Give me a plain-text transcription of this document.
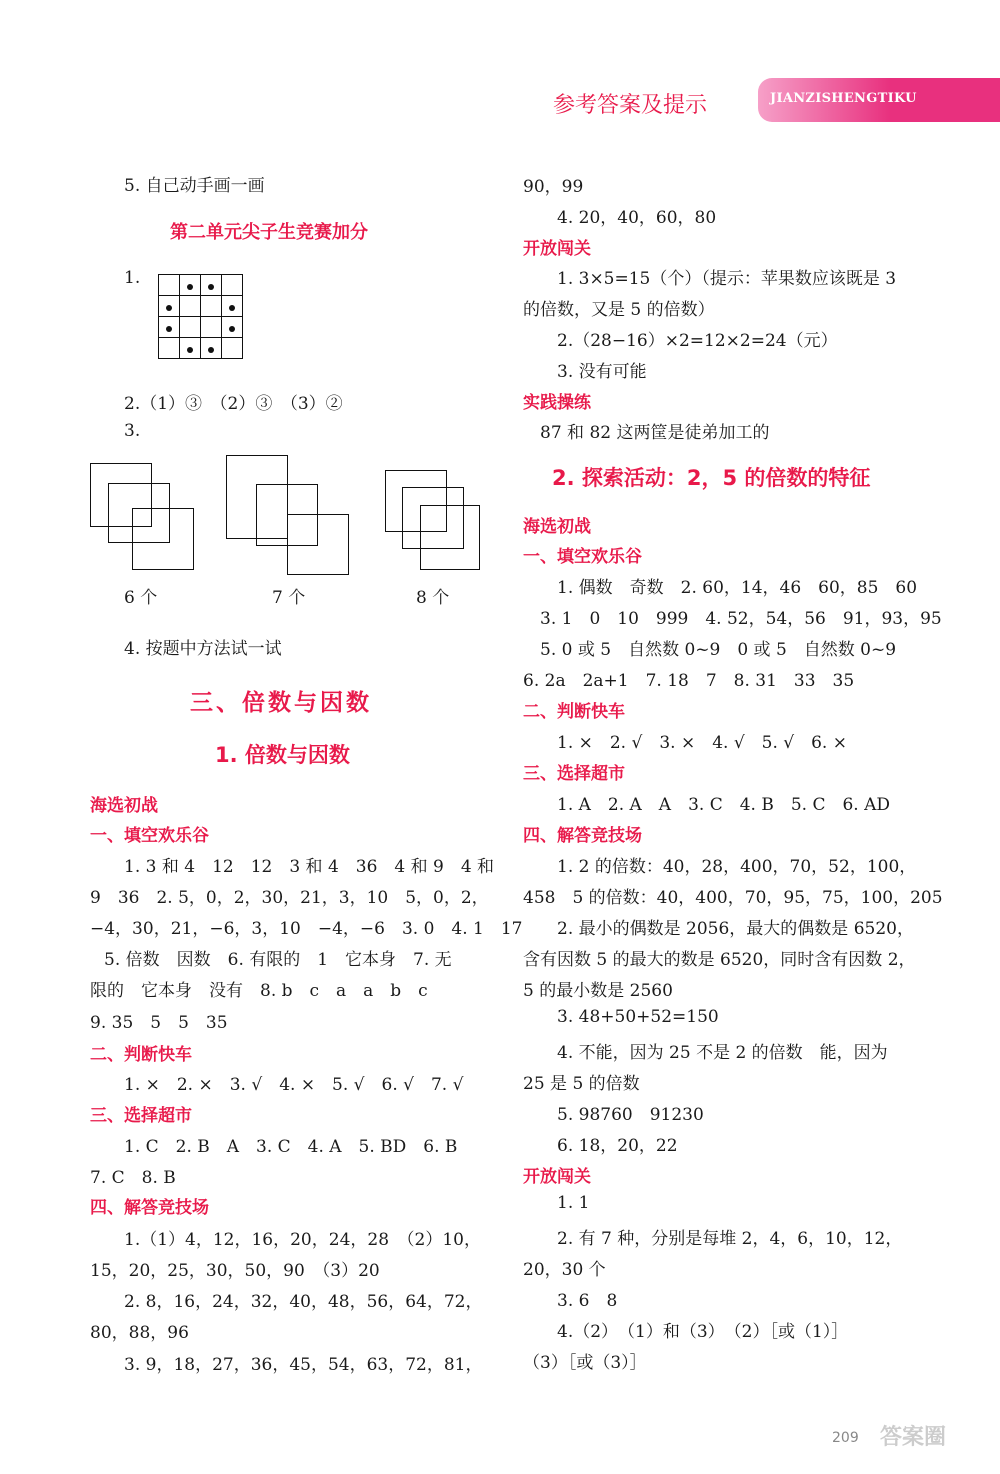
参考答案及提示	JIANZISHENGTIKU
5. 自己动手画一画
第二单元尖子生竞赛加分
1.

2.（1）③　（2）③　（3）②
3.
6 个	7 个	8 个
4. 按题中方法试一试
三、倍数与因数
1. 倍数与因数
海选初战
一、填空欢乐谷
1. 3 和 4　12　12　3 和 4　36　4 和 9　4 和
9　36　2. 5，0，2，30，21，3，10　5，0，2，
−4，30，21，−6，3，10　−4，−6　3. 0　4. 1　17
5. 倍数　因数　6. 有限的　1　它本身　7. 无
限的　它本身　没有　8. b　c　a　a　b　c
9. 35　5　5　35
二、判断快车
1. ×　2. ×　3. √　4. ×　5. √　6. √　7. √
三、选择超市
1. C　2. B　A　3. C　4. A　5. BD　6. B
7. C　8. B
四、解答竞技场
1.（1）4，12，16，20，24，28　（2）10，
15，20，25，30，50，90　（3）20
2. 8，16，24，32，40，48，56，64，72，
80，88，96
3. 9，18，27，36，45，54，63，72，81，
90，99
4. 20，40，60，80
开放闯关
1. 3×5=15（个）（提示：苹果数应该既是 3
的倍数，又是 5 的倍数）
2.（28−16）×2=12×2=24（元）
3. 没有可能
实践操练
87 和 82 这两筐是徒弟加工的
2. 探索活动：2，5 的倍数的特征
海选初战
一、填空欢乐谷
1. 偶数　奇数　2. 60，14，46　60，85　60
3. 1　0　10　999　4. 52，54，56　91，93，95
5. 0 或 5　自然数 0~9　0 或 5　自然数 0~9
6. 2a　2a+1　7. 18　7　8. 31　33　35
二、判断快车
1. ×　2. √　3. ×　4. √　5. √　6. ×
三、选择超市
1. A　2. A　A　3. C　4. B　5. C　6. AD
四、解答竞技场
1. 2 的倍数：40，28，400，70，52，100，
458　5 的倍数：40，400，70，95，75，100，205
2. 最小的偶数是 2056，最大的偶数是 6520，
含有因数 5 的最大的数是 6520，同时含有因数 2，
5 的最小数是 2560
3. 48+50+52=150
4. 不能，因为 25 不是 2 的倍数　能，因为
25 是 5 的倍数
5. 98760　91230
6. 18，20，22
开放闯关
1. 1
2. 有 7 种，分别是每堆 2，4，6，10，12，
20，30 个
3. 6　8
4.（2）　（1）和（3）　（2）［或（1）］
（3）［或（3）］
209 答案圈
